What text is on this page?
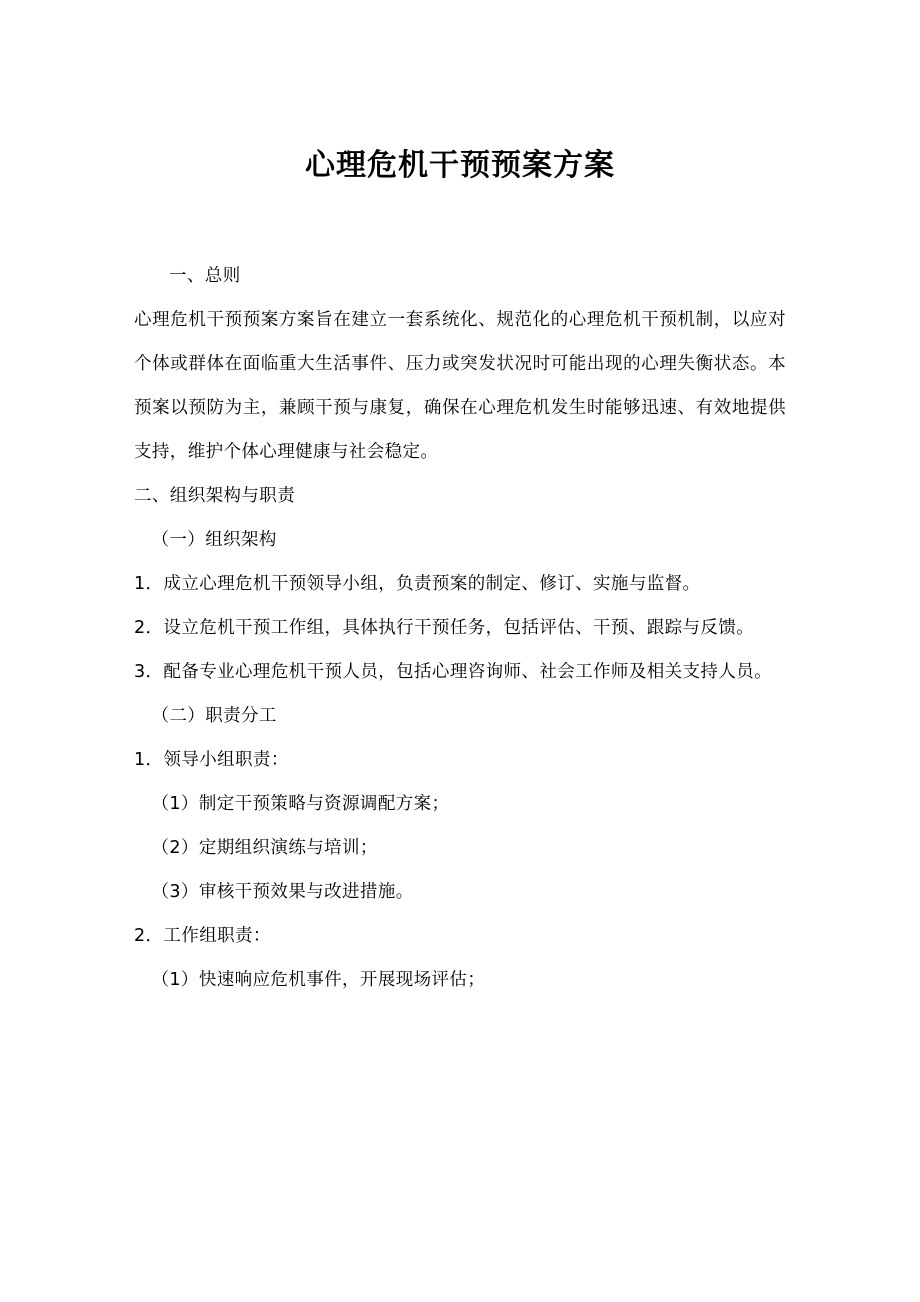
心理危机干预预案方案

一、总则

心理危机干预预案方案旨在建立一套系统化、规范化的心理危机干预机制，以应对个体或群体在面临重大生活事件、压力或突发状况时可能出现的心理失衡状态。本预案以预防为主，兼顾干预与康复，确保在心理危机发生时能够迅速、有效地提供支持，维护个体心理健康与社会稳定。

二、组织架构与职责

（一）组织架构

1．成立心理危机干预领导小组，负责预案的制定、修订、实施与监督。

2．设立危机干预工作组，具体执行干预任务，包括评估、干预、跟踪与反馈。

3．配备专业心理危机干预人员，包括心理咨询师、社会工作师及相关支持人员。

（二）职责分工

1．领导小组职责：

（1）制定干预策略与资源调配方案；

（2）定期组织演练与培训；

（3）审核干预效果与改进措施。

2．工作组职责：

（1）快速响应危机事件，开展现场评估；
